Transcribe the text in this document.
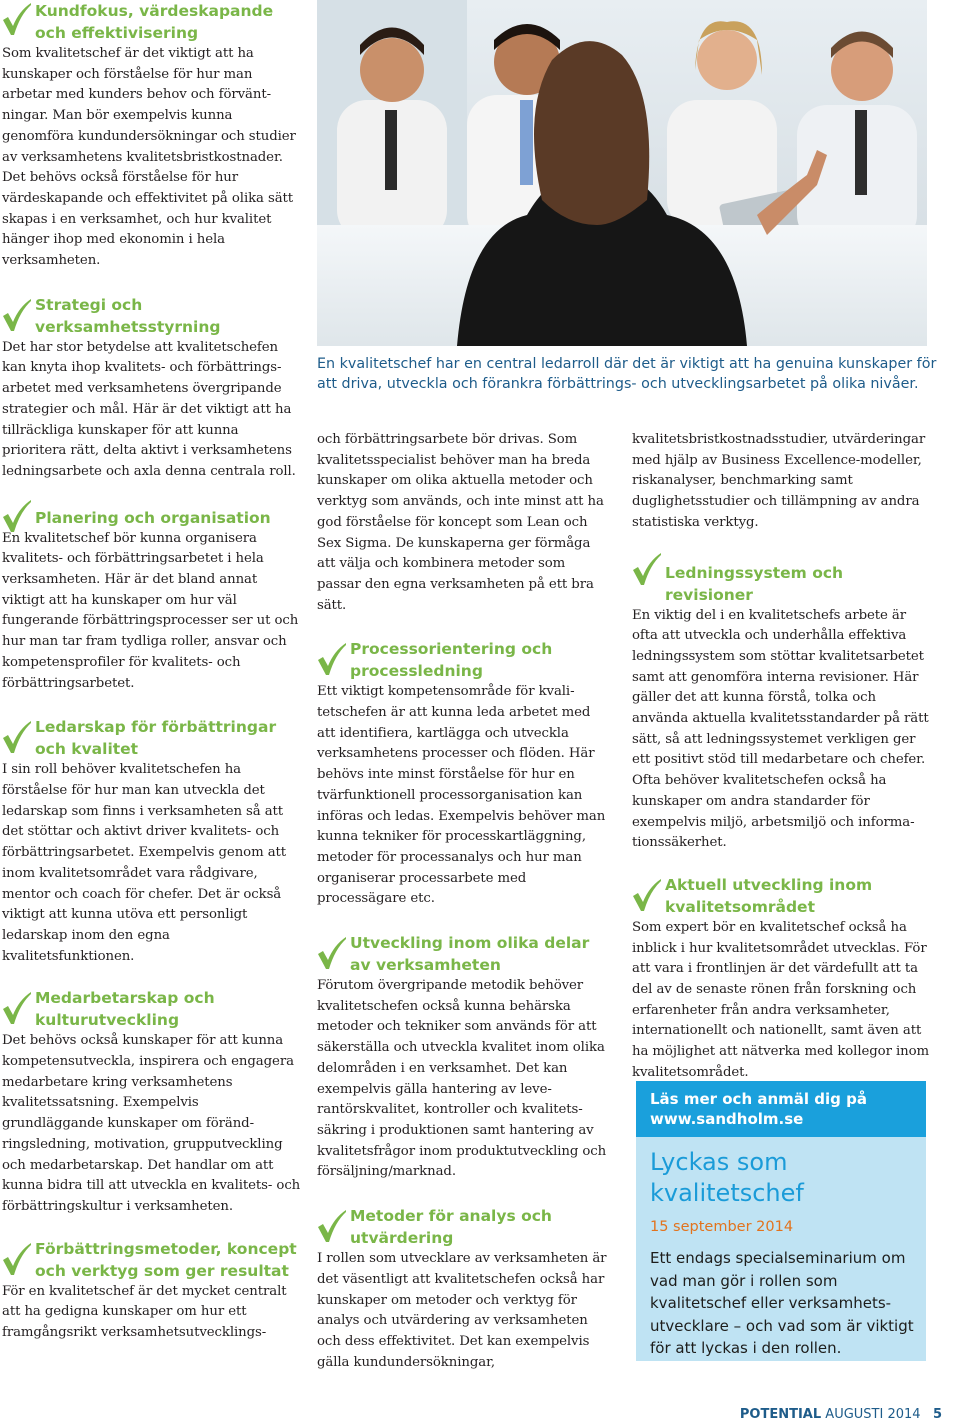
En kvalitetschef har en central ledarroll där det är viktigt att ha genuina kunskaper för att driva, utveckla och förankra förbättrings- och utvecklingsarbetet på olika nivåer.
Kundfokus, värdeskapande
och effektivisering

Som kvalitetschef är det viktigt att ha kunskaper och förståelse för hur man arbetar med kunders behov och förväntningar. Man bör exempelvis kunna genomföra kundundersökningar och studier av verksamhetens kvalitetsbristkostnader. Det behövs också förståelse för hur värdeskapande och effektivitet på olika sätt skapas i en verksamhet, och hur kvalitet hänger ihop med ekonomin i hela verksamheten.

Strategi och
verksamhetsstyrning

Det har stor betydelse att kvalitetschefen kan knyta ihop kvalitets- och förbättringsarbetet med verksamhetens övergripande strategier och mål. Här är det viktigt att ha tillräckliga kunskaper för att kunna prioritera rätt, delta aktivt i verksamhetens ledningsarbete och axla denna centrala roll.

Planering och organisation

En kvalitetschef bör kunna organisera kvalitets- och förbättringsarbetet i hela verksamheten. Här är det bland annat viktigt att ha kunskaper om hur väl fungerande förbättringsprocesser ser ut och hur man tar fram tydliga roller, ansvar och kompetensprofiler för kvalitets- och förbättringsarbetet.

Ledarskap för förbättringar
och kvalitet

I sin roll behöver kvalitetschefen ha förståelse för hur man kan utveckla det ledarskap som finns i verksamheten så att det stöttar och aktivt driver kvalitets- och förbättringsarbetet. Exempelvis genom att inom kvalitetsområdet vara rådgivare, mentor och coach för chefer. Det är också viktigt att kunna utöva ett personligt ledarskap inom den egna kvalitetsfunktionen.

Medarbetarskap och
kulturutveckling

Det behövs också kunskaper för att kunna kompetensutveckla, inspirera och engagera medarbetare kring verksamhetens kvalitetssatsning. Exempelvis grundläggande kunskaper om förändringsledning, motivation, grupputveckling och medarbetarskap. Det handlar om att kunna bidra till att utveckla en kvalitets- och förbättringskultur i verksamheten.

Förbättringsmetoder, koncept
och verktyg som ger resultat

För en kvalitetschef är det mycket centralt att ha gedigna kunskaper om hur ett framgångsrikt verksamhetsutvecklings-

och förbättringsarbete bör drivas. Som kvalitetsspecialist behöver man ha breda kunskaper om olika aktuella metoder och verktyg som används, och inte minst att ha god förståelse för koncept som Lean och Sex Sigma. De kunskaperna ger förmåga att välja och kombinera metoder som passar den egna verksamheten på ett bra sätt.

Processorientering och
processledning

Ett viktigt kompetensområde för kvalitetschefen är att kunna leda arbetet med att identifiera, kartlägga och utveckla verksamhetens processer och flöden. Här behövs inte minst förståelse för hur en tvärfunktionell processorganisation kan införas och ledas. Exempelvis behöver man kunna tekniker för processkartläggning, metoder för processanalys och hur man organiserar processarbete med processägare etc.

Utveckling inom olika delar
av verksamheten

Förutom övergripande metodik behöver kvalitetschefen också kunna behärska metoder och tekniker som används för att säkerställa och utveckla kvalitet inom olika delområden i en verksamhet. Det kan exempelvis gälla hantering av leverantörskvalitet, kontroller och kvalitetssäkring i produktionen samt hantering av kvalitetsfrågor inom produktutveckling och försäljning/marknad.

Metoder för analys och
utvärdering

I rollen som utvecklare av verksamheten är det väsentligt att kvalitetschefen också har kunskaper om metoder och verktyg för analys och utvärdering av verksamheten och dess effektivitet. Det kan exempelvis gälla kundundersökningar,

kvalitetsbristkostnadsstudier, utvärderingar med hjälp av Business Excellence-modeller, riskanalyser, benchmarking samt duglighetsstudier och tillämpning av andra statistiska verktyg.

Ledningssystem och revisioner

En viktig del i en kvalitetschefs arbete är ofta att utveckla och underhålla effektiva ledningssystem som stöttar kvalitetsarbetet samt att genomföra interna revisioner. Här gäller det att kunna förstå, tolka och använda aktuella kvalitetsstandarder på rätt sätt, så att ledningssystemet verkligen ger ett positivt stöd till medarbetare och chefer. Ofta behöver kvalitetschefen också ha kunskaper om andra standarder för exempelvis miljö, arbetsmiljö och informationssäkerhet.

Aktuell utveckling inom
kvalitetsområdet

Som expert bör en kvalitetschef också ha inblick i hur kvalitetsområdet utvecklas. För att vara i frontlinjen är det värdefullt att ta del av de senaste rönen från forskning och erfarenheter från andra verksamheter, internationellt och nationellt, samt även att ha möjlighet att nätverka med kollegor inom kvalitetsområdet.

Läs mer och anmäl dig på
www.sandholm.se
Lyckas som
kvalitetschef
15 september 2014
Ett endags specialseminarium om vad man gör i rollen som kvalitetschef eller verksamhetsutvecklare – och vad som är viktigt för att lyckas i den rollen.
POTENTIAL AUGUSTI 2014 5
